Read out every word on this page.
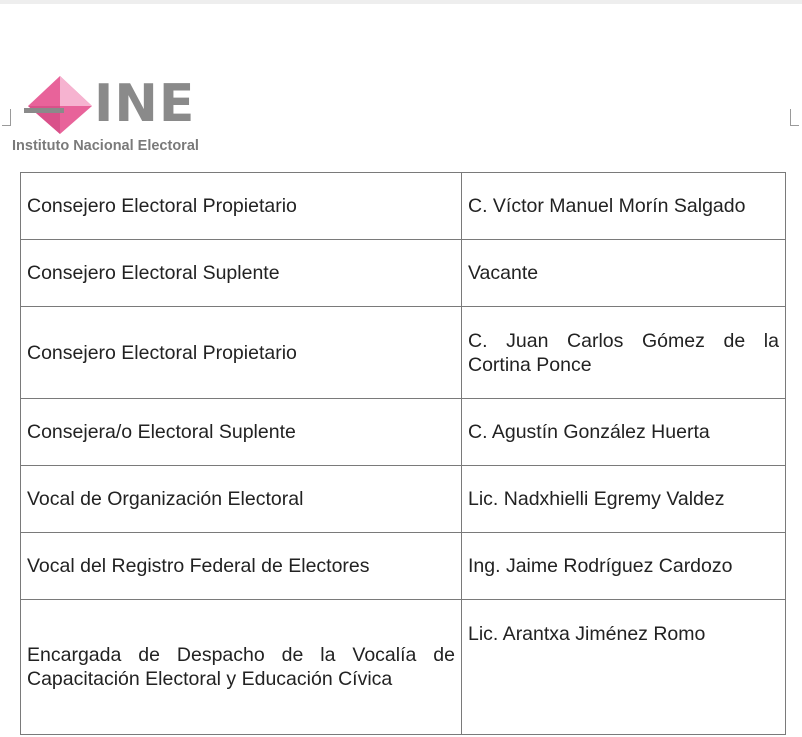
INE
Instituto Nacional Electoral
Consejero Electoral Propietario	C. Víctor Manuel Morín Salgado
Consejero Electoral Suplente	Vacante
Consejero Electoral Propietario	C. Juan Carlos Gómez de la Cortina Ponce
Consejera/o Electoral Suplente	C. Agustín González Huerta
Vocal de Organización Electoral	Lic. Nadxhielli Egremy Valdez
Vocal del Registro Federal de Electores	Ing. Jaime Rodríguez Cardozo
Encargada de Despacho de la Vocalía de Capacitación Electoral y Educación Cívica	Lic. Arantxa Jiménez Romo
